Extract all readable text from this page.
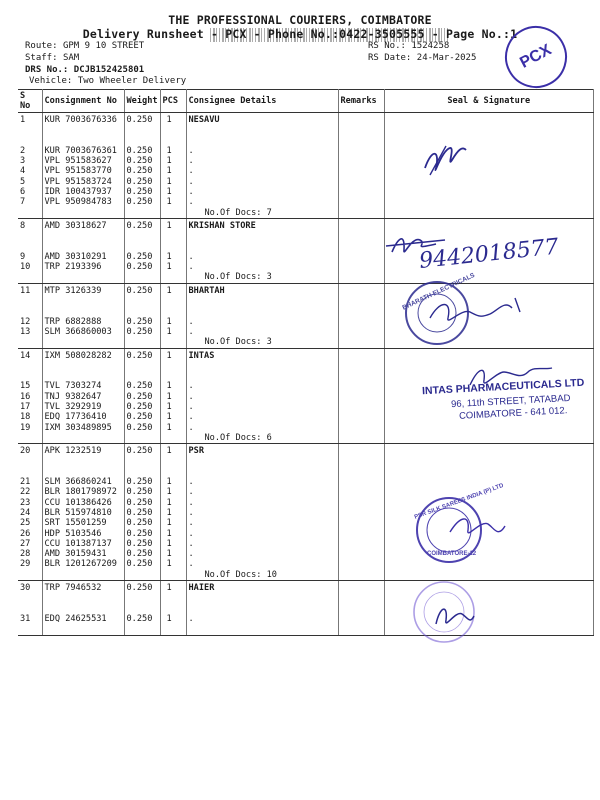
THE PROFESSIONAL COURIERS, COIMBATORE
Delivery Runsheet - PCX - Phone No.:0422-3505555 - Page No.:1
Route: GPM 9 10 STREET
Staff: SAM
DRS No.: DCJB152425801
Vehicle: Two Wheeler Delivery
RS No.: 1524258
RS Date: 24-Mar-2025	PCX
S No	Consignment No	Weight	PCS	Consignee Details	Remarks	Seal & Signature
1	KUR 7003676336	0.250	1	NESAVU		

2	KUR 7003676361	0.250	1	.		
3	VPL 951583627	0.250	1	.		
4	VPL 951583770	0.250	1	.		
5	VPL 951583724	0.250	1	.		
6	IDR 100437937	0.250	1	.		
7	VPL 950984783	0.250	1	.		
				No.Of Docs: 7		
8	AMD 30318627	0.250	1	KRISHAN STORE		

9	AMD 30310291	0.250	1	.		
10	TRP 2193396	0.250	1	.		
				No.Of Docs: 3		
11	MTP 3126339	0.250	1	BHARTAH		

12	TRP 6882888	0.250	1	.		
13	SLM 366860003	0.250	1	.		
				No.Of Docs: 3		
14	IXM 508028282	0.250	1	INTAS		

15	TVL 7303274	0.250	1	.		
16	TNJ 9382647	0.250	1	.		
17	TVL 3292919	0.250	1	.		
18	EDQ 17736410	0.250	1	.		
19	IXM 303489895	0.250	1	.		
				No.Of Docs: 6		
20	APK 1232519	0.250	1	PSR		

21	SLM 366860241	0.250	1	.		
22	BLR 1801798972	0.250	1	.		
23	CCU 101386426	0.250	1	.		
24	BLR 515974810	0.250	1	.		
25	SRT 15501259	0.250	1	.		
26	HDP 5103546	0.250	1	.		
27	CCU 101387137	0.250	1	.		
28	AMD 30159431	0.250	1	.		
29	BLR 1201267209	0.250	1	.		
				No.Of Docs: 10		
30	TRP 7946532	0.250	1	HAIER		

31	EDQ 24625531	0.250	1	.		

9442018577
BHARATH ELECTRICALS
PSR SILK SAREES INDIA (P) LTD
COIMBATORE-12
INTAS PHARMACEUTICALS LTD
96, 11th STREET, TATABAD
COIMBATORE - 641 012.
